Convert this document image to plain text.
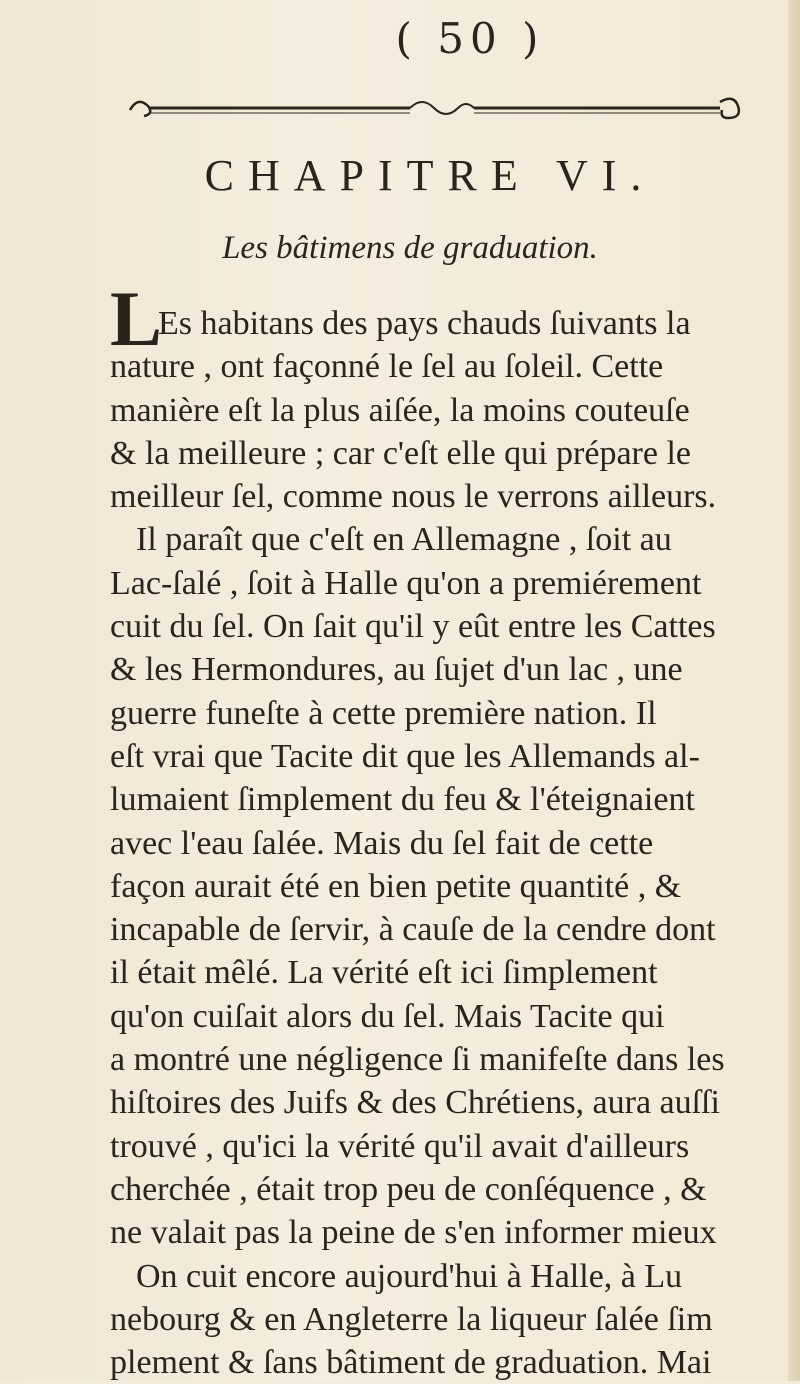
( 50 )
CHAPITRE VI.
Les bâtimens de graduation.
L
Es habitans des pays chauds ſuivants la
nature , ont façonné le ſel au ſoleil. Cette
manière eſt la plus aiſée, la moins couteuſe
& la meilleure ; car c'eſt elle qui prépare le
meilleur ſel, comme nous le verrons ailleurs.
Il paraît que c'eſt en Allemagne , ſoit au
Lac-ſalé , ſoit à Halle qu'on a premiérement
cuit du ſel. On ſait qu'il y eût entre les Cattes
& les Hermondures, au ſujet d'un lac , une
guerre funeſte à cette première nation. Il
eſt vrai que Tacite dit que les Allemands al-
lumaient ſimplement du feu & l'éteignaient
avec l'eau ſalée. Mais du ſel fait de cette
façon aurait été en bien petite quantité , &
incapable de ſervir, à cauſe de la cendre dont
il était mêlé. La vérité eſt ici ſimplement
qu'on cuiſait alors du ſel. Mais Tacite qui
a montré une négligence ſi manifeſte dans les
hiſtoires des Juifs & des Chrétiens, aura auſſi
trouvé , qu'ici la vérité qu'il avait d'ailleurs
cherchée , était trop peu de conſéquence , &
ne valait pas la peine de s'en informer mieux
On cuit encore aujourd'hui à Halle, à Lu
nebourg & en Angleterre la liqueur ſalée ſim
plement & ſans bâtiment de graduation. Mai
